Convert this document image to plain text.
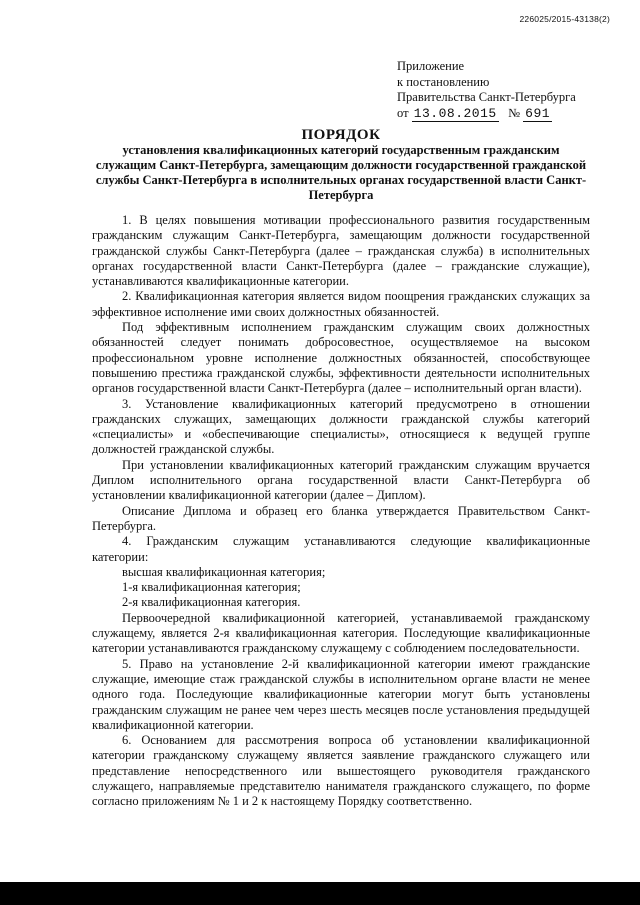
226025/2015-43138(2)
Приложение
к постановлению
Правительства Санкт-Петербурга
от 13.08.2015 № 691
ПОРЯДОК
установления квалификационных категорий государственным гражданским служащим Санкт-Петербурга, замещающим должности государственной гражданской службы Санкт-Петербурга в исполнительных органах государственной власти Санкт-Петербурга

1. В целях повышения мотивации профессионального развития государственным гражданским служащим Санкт-Петербурга, замещающим должности государственной гражданской службы Санкт-Петербурга (далее – гражданская служба) в исполнительных органах государственной власти Санкт-Петербурга (далее – гражданские служащие), устанавливаются квалификационные категории.

2. Квалификационная категория является видом поощрения гражданских служащих за эффективное исполнение ими своих должностных обязанностей.

Под эффективным исполнением гражданским служащим своих должностных обязанностей следует понимать добросовестное, осуществляемое на высоком профессиональном уровне исполнение должностных обязанностей, способствующее повышению престижа гражданской службы, эффективности деятельности исполнительных органов государственной власти Санкт-Петербурга (далее – исполнительный орган власти).

3. Установление квалификационных категорий предусмотрено в отношении гражданских служащих, замещающих должности гражданской службы категорий «специалисты» и «обеспечивающие специалисты», относящиеся к ведущей группе должностей гражданской службы.

При установлении квалификационных категорий гражданским служащим вручается Диплом исполнительного органа государственной власти Санкт-Петербурга об установлении квалификационной категории (далее – Диплом).

Описание Диплома и образец его бланка утверждается Правительством Санкт-Петербурга.

4. Гражданским служащим устанавливаются следующие квалификационные категории:

высшая квалификационная категория;

1-я квалификационная категория;

2-я квалификационная категория.

Первоочередной квалификационной категорией, устанавливаемой гражданскому служащему, является 2-я квалификационная категория. Последующие квалификационные категории устанавливаются гражданскому служащему с соблюдением последовательности.

5. Право на установление 2-й квалификационной категории имеют гражданские служащие, имеющие стаж гражданской службы в исполнительном органе власти не менее одного года. Последующие квалификационные категории могут быть установлены гражданским служащим не ранее чем через шесть месяцев после установления предыдущей квалификационной категории.

6. Основанием для рассмотрения вопроса об установлении квалификационной категории гражданскому служащему является заявление гражданского служащего или представление непосредственного или вышестоящего руководителя гражданского служащего, направляемые представителю нанимателя гражданского служащего, по форме согласно приложениям № 1 и 2 к настоящему Порядку соответственно.
